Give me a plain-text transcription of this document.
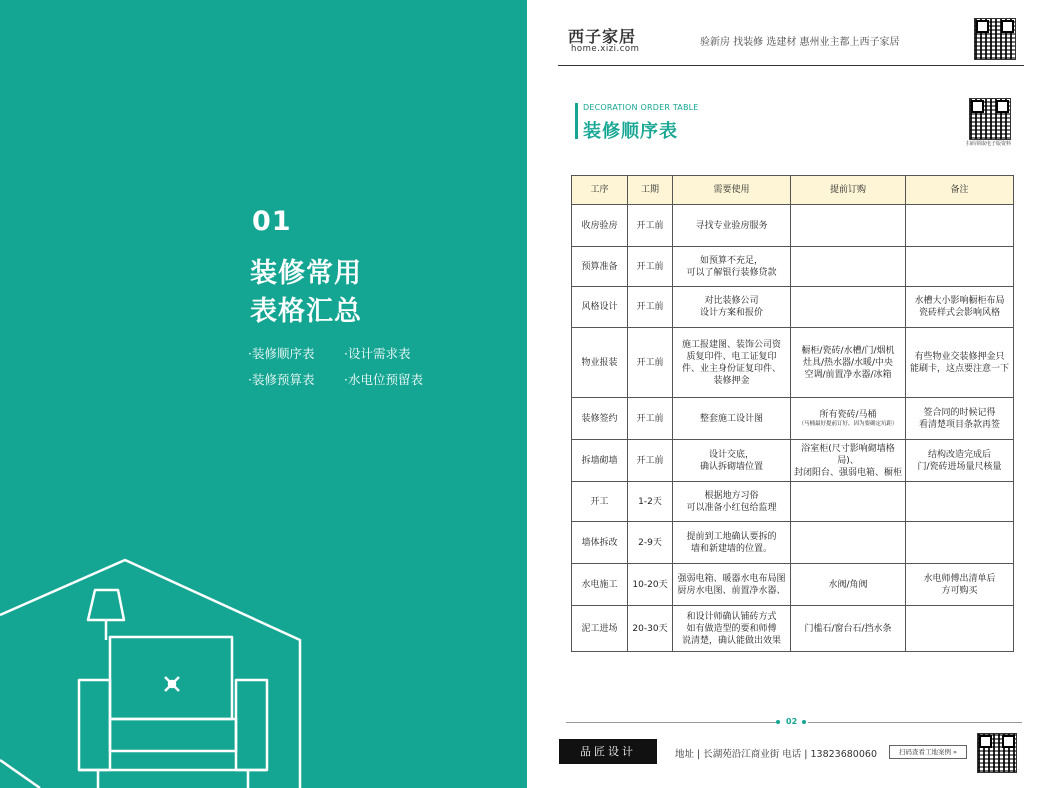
01
装修常用
表格汇总
·装修顺序表	·设计需求表
·装修预算表	·水电位预留表
西子家居
home.xizi.com
验新房 找装修 选建材 惠州业主都上西子家居
DECORATION ORDER TABLE
装修顺序表
扫码领取电子版资料
工序	工期	需要使用	提前订购	备注
收房验房	开工前	寻找专业验房服务		
预算准备	开工前	如预算不充足，
可以了解银行装修贷款		
风格设计	开工前	对比装修公司
设计方案和报价		水槽大小影响橱柜布局
瓷砖样式会影响风格
物业报装	开工前	施工报建图、装饰公司资
质复印件、电工证复印
件、业主身份证复印件、
装修押金	橱柜/瓷砖/水槽/门/烟机
灶具/热水器/水暖/中央
空调/前置净水器/冰箱	有些物业交装修押金只
能刷卡，这点要注意一下
装修签约	开工前	整套施工设计图	所有瓷砖/马桶
（马桶最好提前订好，因为要确定坑距）	签合同的时候记得
看清楚项目条款再签
拆墙砌墙	开工前	设计交底，
确认拆砌墙位置	浴室柜(尺寸影响砌墙格局)、
封闭阳台、强弱电箱、橱柜	结构改造完成后
门/瓷砖进场量尺核量
开工	1-2天	根据地方习俗
可以准备小红包给监理		
墙体拆改	2-9天	提前到工地确认要拆的
墙和新建墙的位置。		
水电施工	10-20天	强弱电箱、暖器水电布局图
厨房水电图、前置净水器、	水阀/角阀	水电师傅出清单后
方可购买
泥工进场	20-30天	和设计师确认铺砖方式
如有做造型的要和师傅
说清楚，确认能做出效果	门槛石/窗台石/挡水条	
02
品匠设计	地址 | 长湖苑沿江商业街 电话 | 13823680060	扫码查看工地案例 »
